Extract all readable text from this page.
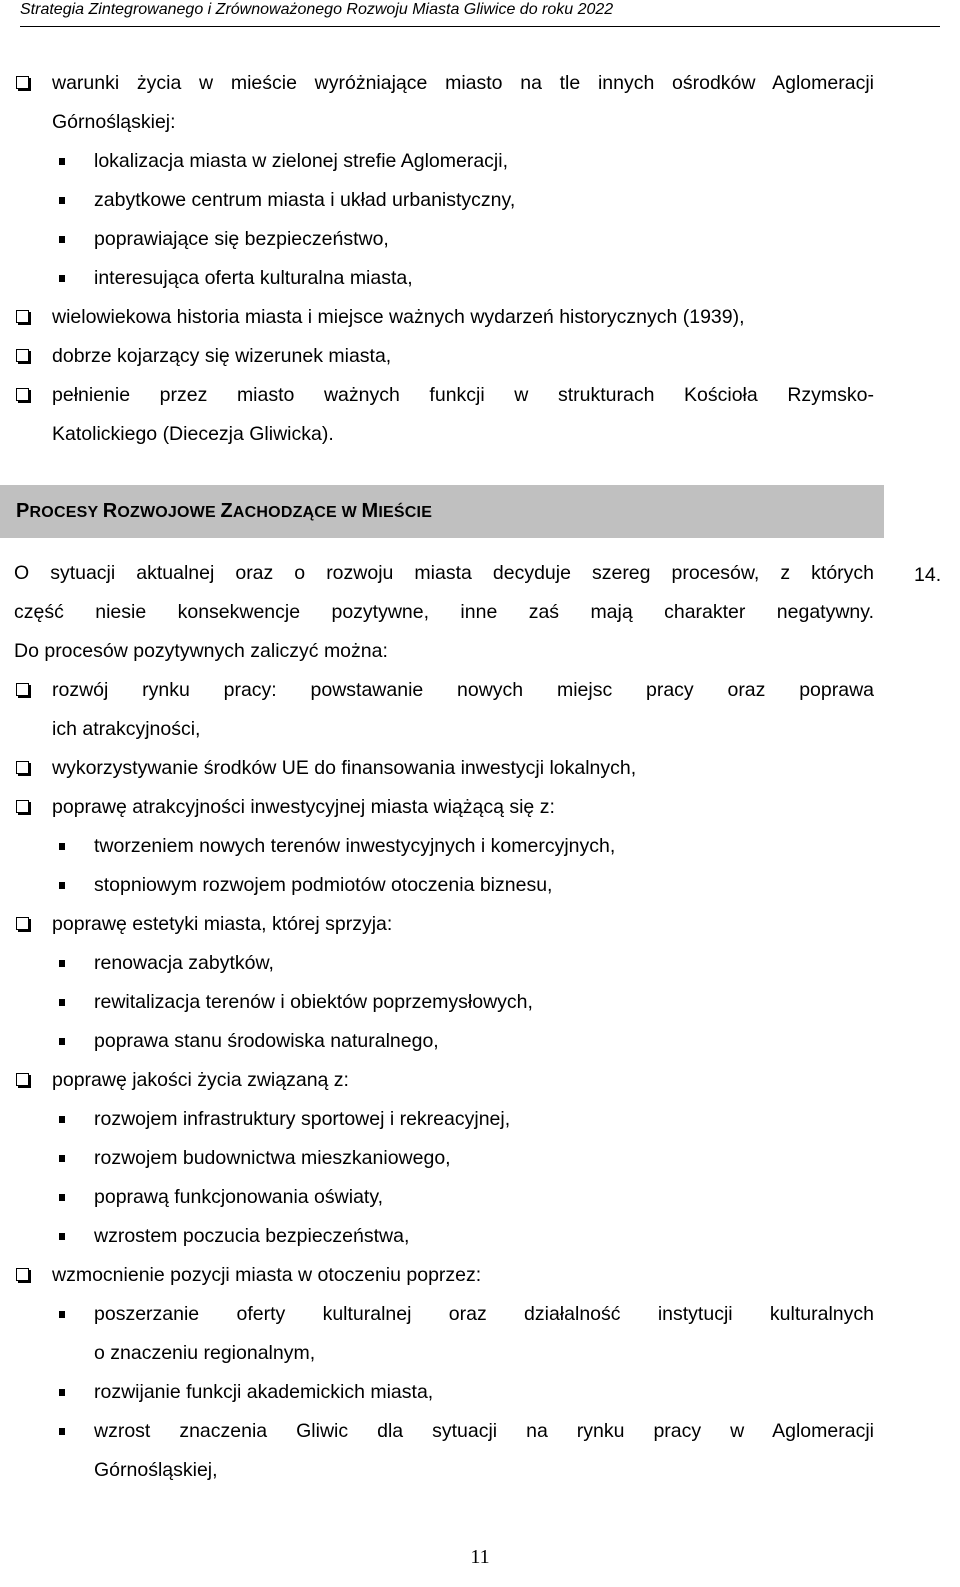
Strategia Zintegrowanego i Zrównoważonego Rozwoju Miasta Gliwice do roku 2022
warunki życia w mieście wyróżniające miasto na tle innych ośrodków Aglomeracji
Górnośląskiej:
lokalizacja miasta w zielonej strefie Aglomeracji,
zabytkowe centrum miasta i układ urbanistyczny,
poprawiające się bezpieczeństwo,
interesująca oferta kulturalna miasta,
wielowiekowa historia miasta i miejsce ważnych wydarzeń historycznych (1939),
dobrze kojarzący się wizerunek miasta,
pełnienie przez miasto ważnych funkcji w strukturach Kościoła Rzymsko-
Katolickiego (Diecezja Gliwicka).
PROCESY ROZWOJOWE ZACHODZĄCE W MIEŚCIE
O sytuacji aktualnej oraz o rozwoju miasta decyduje szereg procesów, z których
część niesie konsekwencje pozytywne, inne zaś mają charakter negatywny.
Do procesów pozytywnych zaliczyć można:
rozwój rynku pracy: powstawanie nowych miejsc pracy oraz poprawa
ich atrakcyjności,
wykorzystywanie środków UE do finansowania inwestycji lokalnych,
poprawę atrakcyjności inwestycyjnej miasta wiążącą się z:
tworzeniem nowych terenów inwestycyjnych i komercyjnych,
stopniowym rozwojem podmiotów otoczenia biznesu,
poprawę estetyki miasta, której sprzyja:
renowacja zabytków,
rewitalizacja terenów i obiektów poprzemysłowych,
poprawa stanu środowiska naturalnego,
poprawę jakości życia związaną z:
rozwojem infrastruktury sportowej i rekreacyjnej,
rozwojem budownictwa mieszkaniowego,
poprawą funkcjonowania oświaty,
wzrostem poczucia bezpieczeństwa,
wzmocnienie pozycji miasta w otoczeniu poprzez:
poszerzanie oferty kulturalnej oraz działalność instytucji kulturalnych
o znaczeniu regionalnym,
rozwijanie funkcji akademickich miasta,
wzrost znaczenia Gliwic dla sytuacji na rynku pracy w Aglomeracji
Górnośląskiej,
14.
11
